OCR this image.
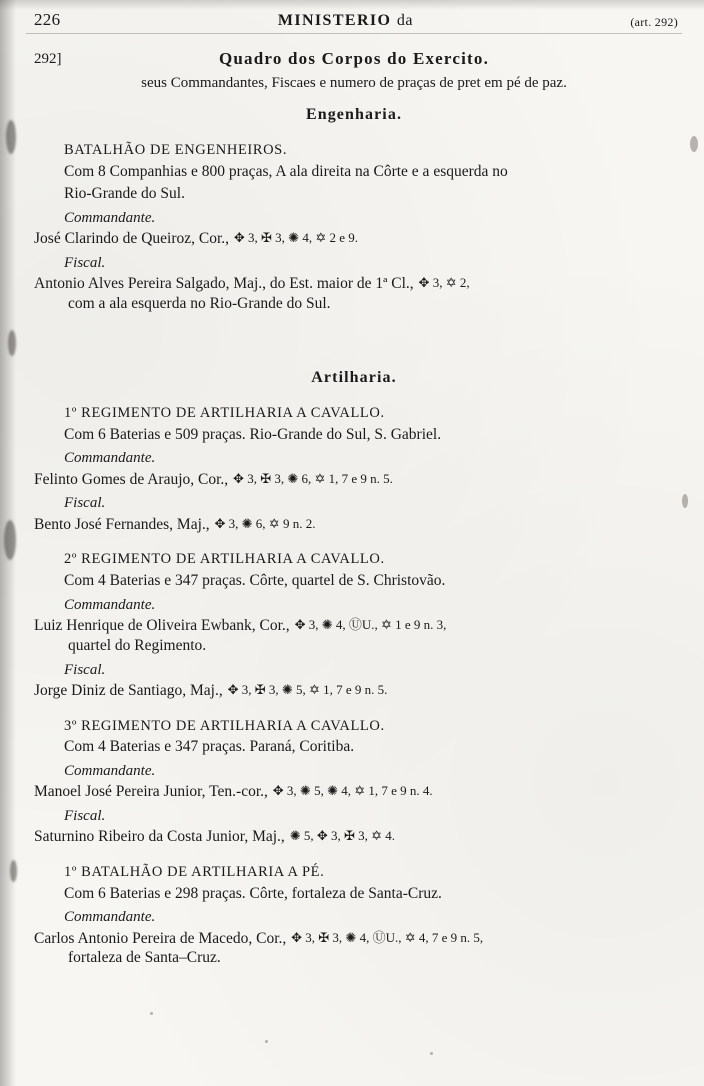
226	MINISTERIO da	(art. 292)
292]	Quadro dos Corpos do Exercito.
seus Commandantes, Fiscaes e numero de praças de pret em pé de paz.
Engenharia.
BATALHÃO DE ENGENHEIROS.
Com 8 Companhias e 800 praças, A ala direita na Côrte e a esquerda no
Rio-Grande do Sul.
Commandante.
José Clarindo de Queiroz, Cor., ✥ 3, ✠ 3, ✺ 4, ✡ 2 e 9.
Fiscal.
Antonio Alves Pereira Salgado, Maj., do Est. maior de 1ª Cl., ✥ 3, ✡ 2,
com a ala esquerda no Rio-Grande do Sul.
Artilharia.
1º REGIMENTO DE ARTILHARIA A CAVALLO.
Com 6 Baterias e 509 praças. Rio-Grande do Sul, S. Gabriel.
Commandante.
Felinto Gomes de Araujo, Cor., ✥ 3, ✠ 3, ✺ 6, ✡ 1, 7 e 9 n. 5.
Fiscal.
Bento José Fernandes, Maj., ✥ 3, ✺ 6, ✡ 9 n. 2.
2º REGIMENTO DE ARTILHARIA A CAVALLO.
Com 4 Baterias e 347 praças. Côrte, quartel de S. Christovão.
Commandante.
Luiz Henrique de Oliveira Ewbank, Cor., ✥ 3, ✺ 4, ⓊU., ✡ 1 e 9 n. 3,
quartel do Regimento.
Fiscal.
Jorge Diniz de Santiago, Maj., ✥ 3, ✠ 3, ✺ 5, ✡ 1, 7 e 9 n. 5.
3º REGIMENTO DE ARTILHARIA A CAVALLO.
Com 4 Baterias e 347 praças. Paraná, Coritiba.
Commandante.
Manoel José Pereira Junior, Ten.-cor., ✥ 3, ✺ 5, ✺ 4, ✡ 1, 7 e 9 n. 4.
Fiscal.
Saturnino Ribeiro da Costa Junior, Maj., ✺ 5, ✥ 3, ✠ 3, ✡ 4.
1º BATALHÃO DE ARTILHARIA A PÉ.
Com 6 Baterias e 298 praças. Côrte, fortaleza de Santa-Cruz.
Commandante.
Carlos Antonio Pereira de Macedo, Cor., ✥ 3, ✠ 3, ✺ 4, ⓊU., ✡ 4, 7 e 9 n. 5,
fortaleza de Santa–Cruz.
